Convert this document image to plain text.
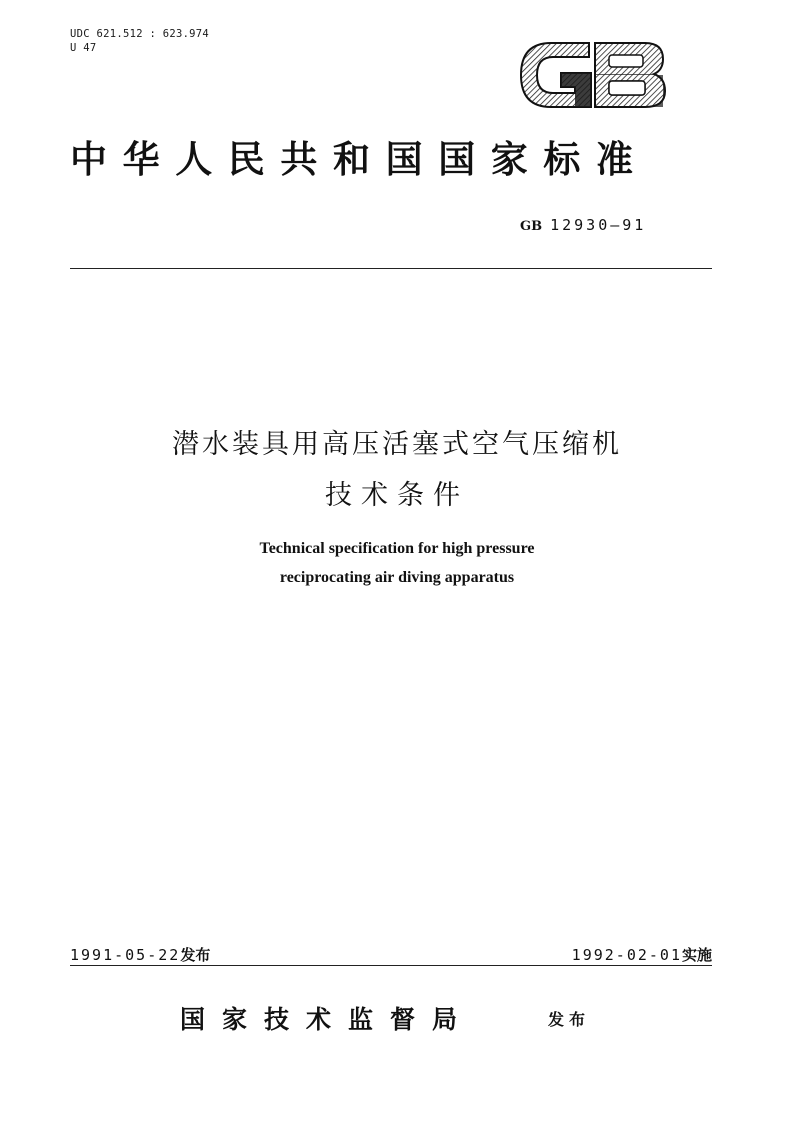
UDC 621.512 : 623.974
U 47
中华人民共和国国家标准
GB 12930—91
潜水装具用高压活塞式空气压缩机
技术条件
Technical specification for high pressure
reciprocating air diving apparatus
1991-05-22发布	1992-02-01实施
国家技术监督局	发布
